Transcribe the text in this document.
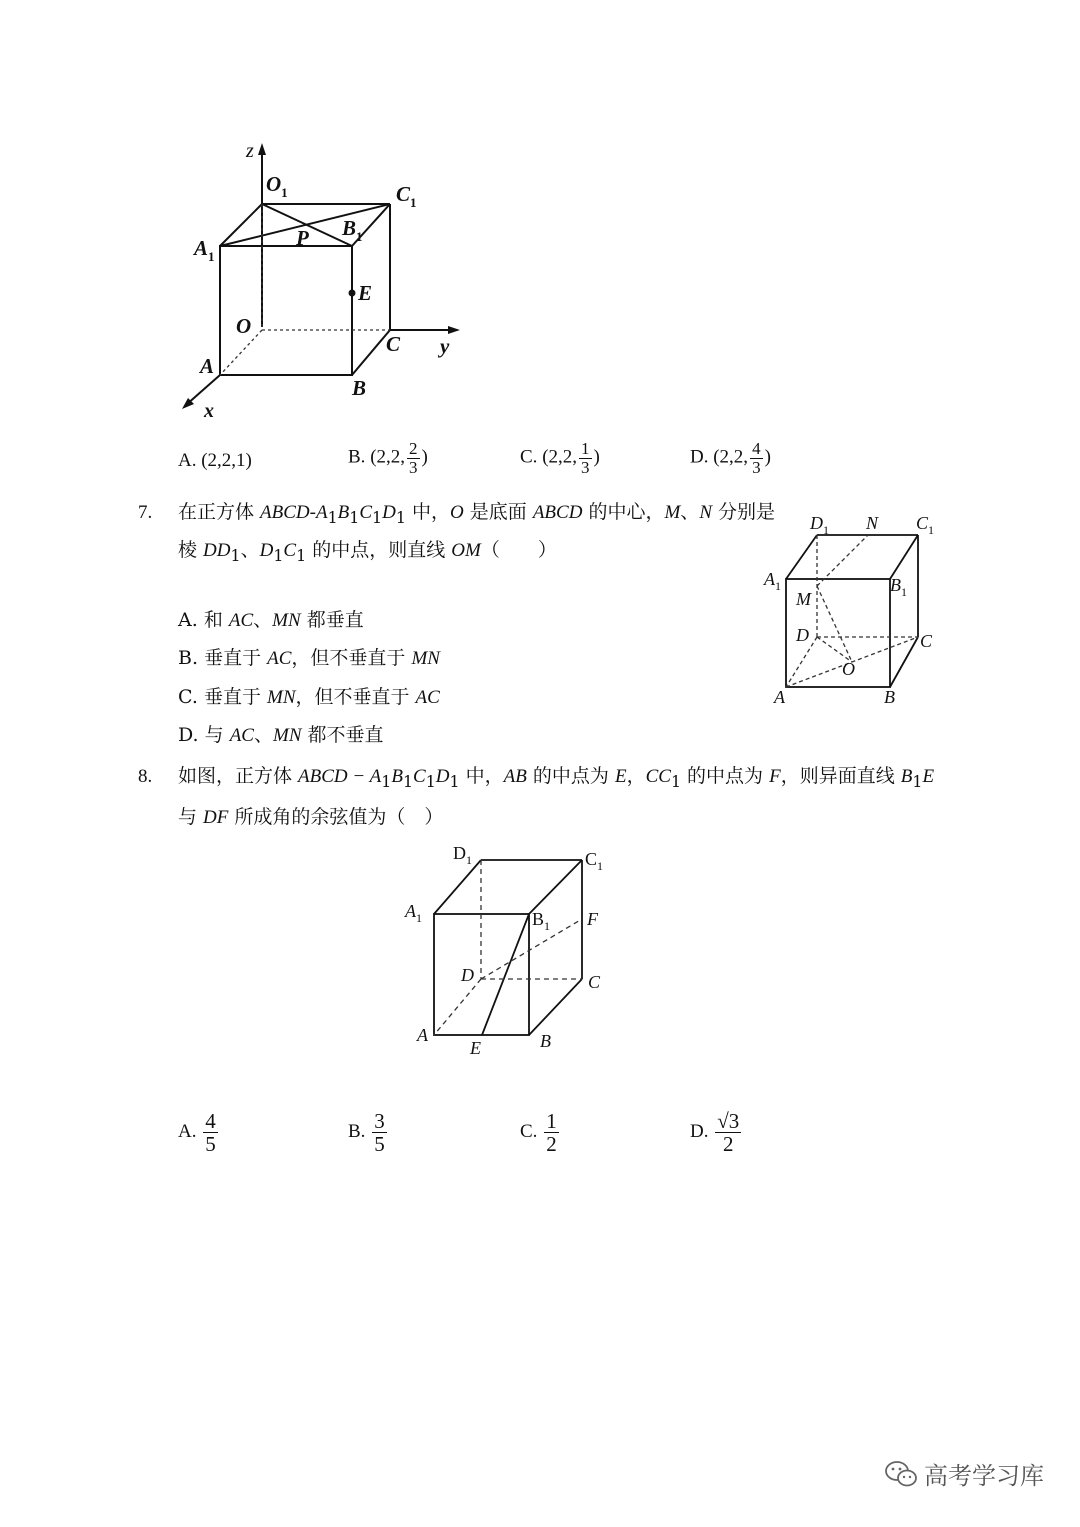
z
$O_1$	$C_1$
$A_1$
P $B_1$
E
O
C y
A
B
x
A. (2,2,1)	B. (2,2, $\frac{2}{3}$ )	C. (2,2, $\frac{1}{3}$ )	D. (2,2, $\frac{4}{3}$ )
7. 在正方体 ABCD-$A_1B_1C_1D_1$ 中，O 是底面 ABCD 的中心，M、N 分别是
棱 $DD_1$、$D_1C_1$ 的中点，则直线 OM（　　）
A. 和 AC、MN 都垂直
B. 垂直于 AC，但不垂直于 MN
C. 垂直于 MN，但不垂直于 AC
D. 与 AC、MN 都不垂直
$D_1$ N $C_1$
$A_1$	$B_1$
M
D	C
O
A	B
8. 如图，正方体 ABCD − $A_1B_1C_1D_1$ 中，AB 的中点为 E，$CC_1$ 的中点为 F，则异面直线 $B_1E$
与 DF 所成角的余弦值为（　）
$D_1$	$C_1$
$A_1$	$B_1$ F
D	C
A
E	B
A. $\frac{4}{5}$	B. $\frac{3}{5}$	C. $\frac{1}{2}$	D. $\frac{√3}{2}$
高考学习库
